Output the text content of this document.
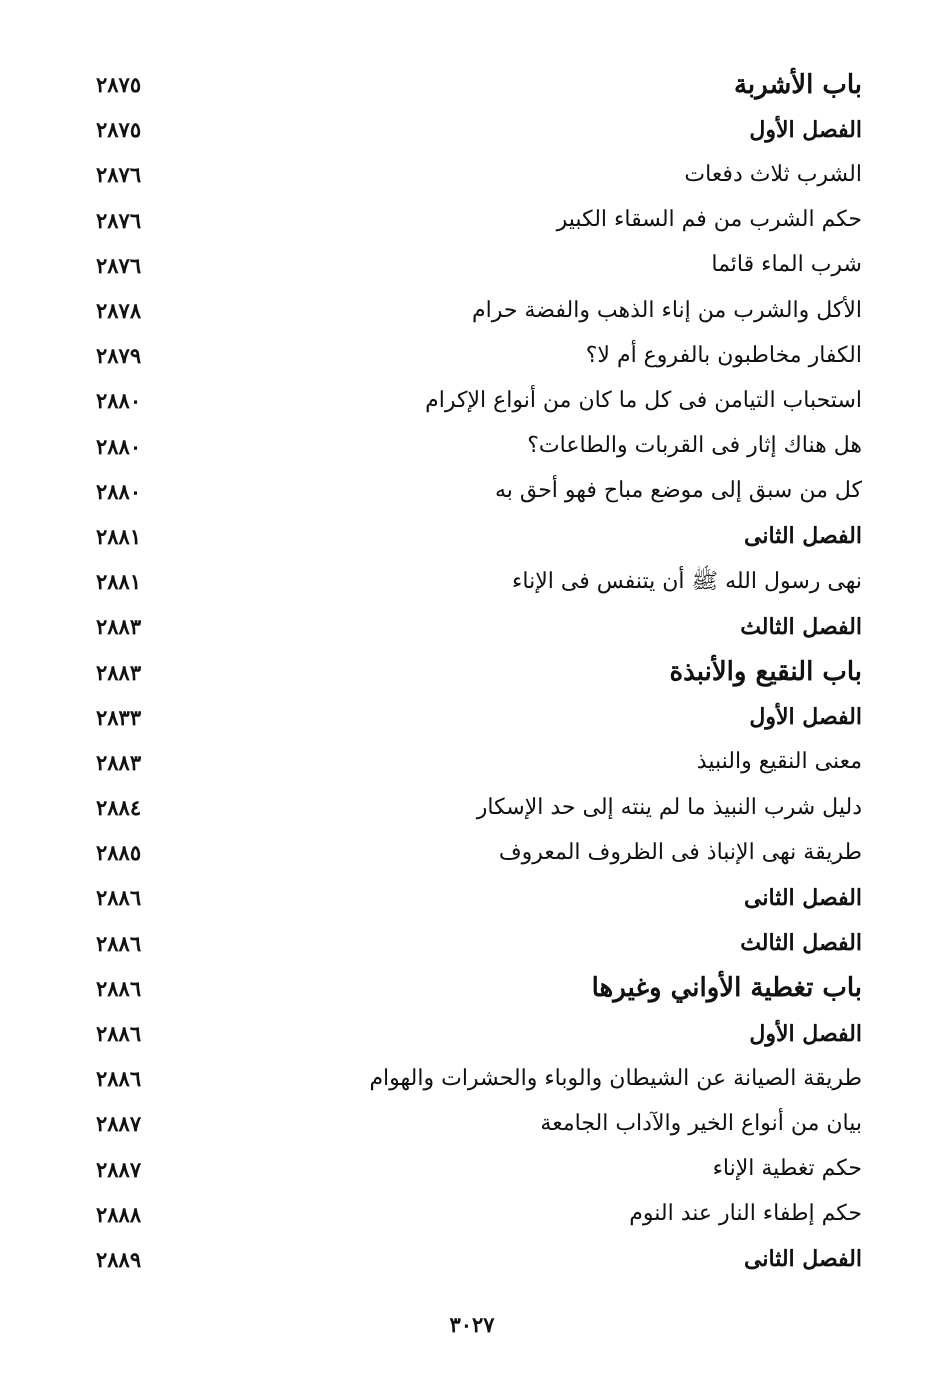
٢٨٧٥	باب الأشربة
٢٨٧٥	الفصل الأول
٢٨٧٦	الشرب ثلاث دفعات
٢٨٧٦	حكم الشرب من فم السقاء الكبير
٢٨٧٦	شرب الماء قائما
٢٨٧٨	الأكل والشرب من إناء الذهب والفضة حرام
٢٨٧٩	الكفار مخاطبون بالفروع أم لا؟
٢٨٨٠	استحباب التيامن فى كل ما كان من أنواع الإكرام
٢٨٨٠	هل هناك إثار فى القربات والطاعات؟
٢٨٨٠	كل من سبق إلى موضع مباح فهو أحق به
٢٨٨١	الفصل الثانى
٢٨٨١	نهى رسول الله ﷺ أن يتنفس فى الإناء
٢٨٨٣	الفصل الثالث
٢٨٨٣	باب النقيع والأنبذة
٢٨٣٣	الفصل الأول
٢٨٨٣	معنى النقيع والنبيذ
٢٨٨٤	دليل شرب النبيذ ما لم ينته إلى حد الإسكار
٢٨٨٥	طريقة نهى الإنباذ فى الظروف المعروف
٢٨٨٦	الفصل الثانى
٢٨٨٦	الفصل الثالث
٢٨٨٦	باب تغطية الأواني وغيرها
٢٨٨٦	الفصل الأول
٢٨٨٦	طريقة الصيانة عن الشيطان والوباء والحشرات والهوام
٢٨٨٧	بيان من أنواع الخير والآداب الجامعة
٢٨٨٧	حكم تغطية الإناء
٢٨٨٨	حكم إطفاء النار عند النوم
٢٨٨٩	الفصل الثانى
٣٠٢٧
